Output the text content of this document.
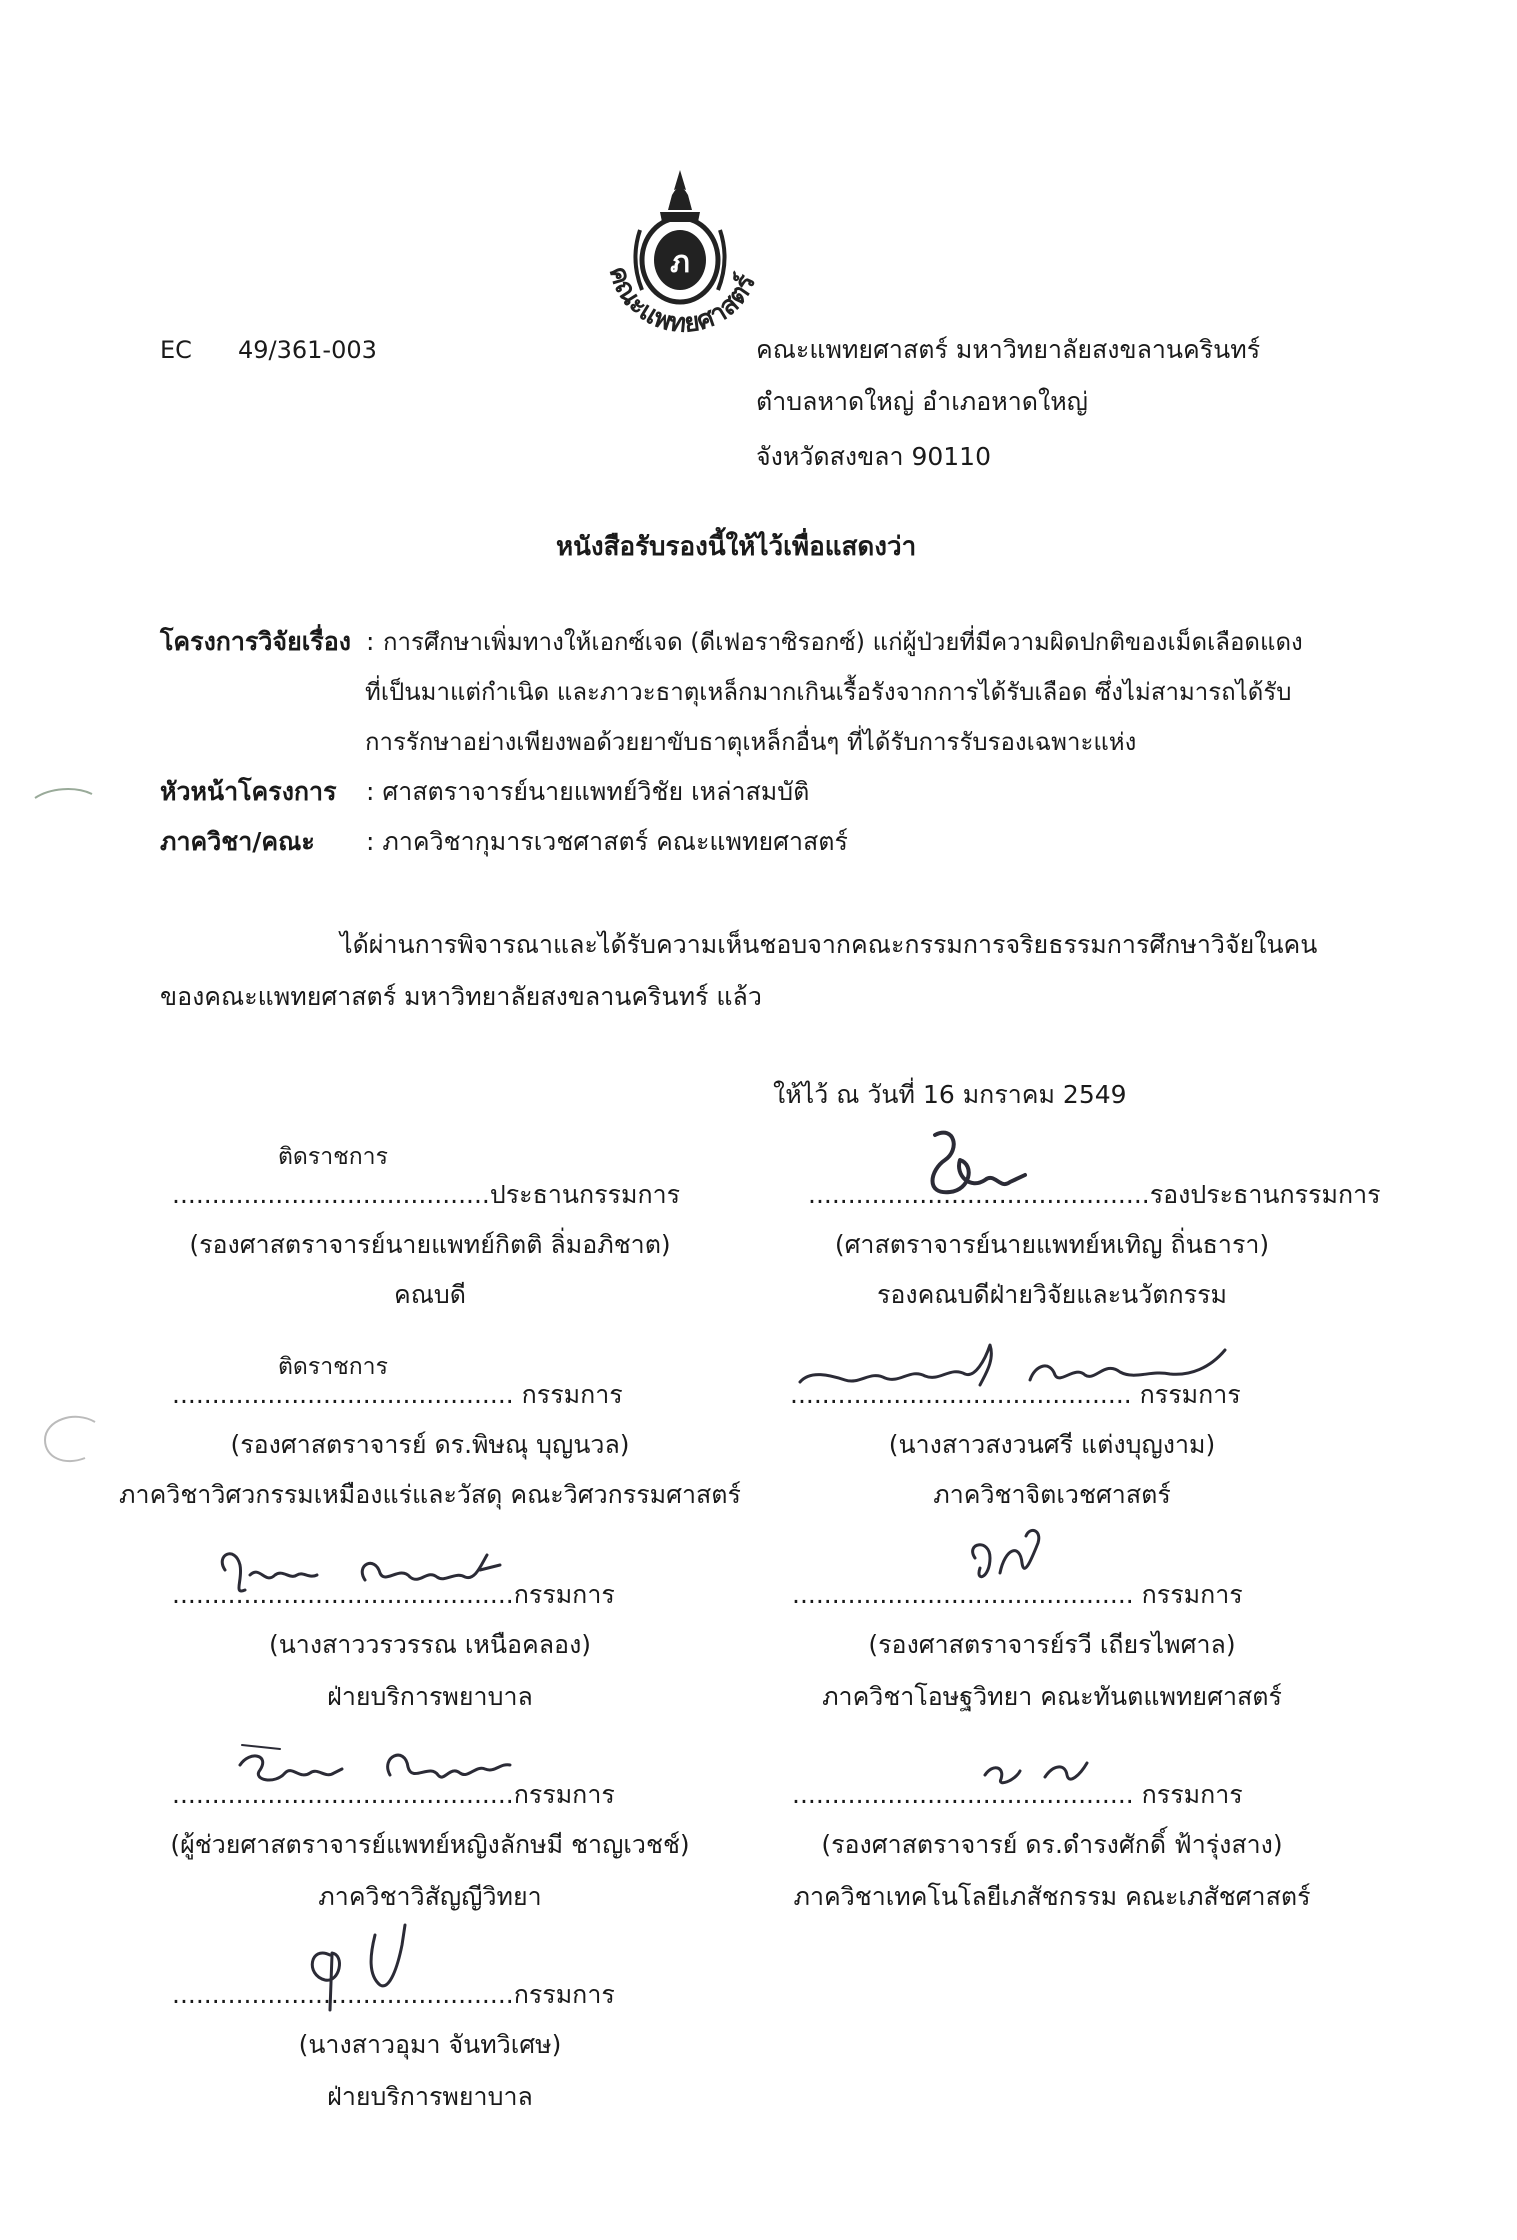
EC 49/361-003
ภ
คณะแพทยศาสตร์
คณะแพทยศาสตร์ มหาวิทยาลัยสงขลานครินทร์
ตำบลหาดใหญ่ อำเภอหาดใหญ่
จังหวัดสงขลา 90110
หนังสือรับรองนี้ให้ไว้เพื่อแสดงว่า
โครงการวิจัยเรื่อง : การศึกษาเพิ่มทางให้เอกซ์เจด (ดีเฟอราซิรอกซ์) แก่ผู้ป่วยที่มีความผิดปกติของเม็ดเลือดแดง
ที่เป็นมาแต่กำเนิด และภาวะธาตุเหล็กมากเกินเรื้อรังจากการได้รับเลือด ซึ่งไม่สามารถได้รับ
การรักษาอย่างเพียงพอด้วยยาขับธาตุเหล็กอื่นๆ ที่ได้รับการรับรองเฉพาะแห่ง
หัวหน้าโครงการ : ศาสตราจารย์นายแพทย์วิชัย เหล่าสมบัติ
ภาควิชา/คณะ : ภาควิชากุมารเวชศาสตร์ คณะแพทยศาสตร์
ได้ผ่านการพิจารณาและได้รับความเห็นชอบจากคณะกรรมการจริยธรรมการศึกษาวิจัยในคน
ของคณะแพทยศาสตร์ มหาวิทยาลัยสงขลานครินทร์ แล้ว
ให้ไว้ ณ วันที่ 16 มกราคม 2549
ติดราชการ
........................................ประธานกรรมการ
(รองศาสตราจารย์นายแพทย์กิตติ ลิ่มอภิชาต)
คณบดี
ติดราชการ
........................................... กรรมการ
(รองศาสตราจารย์ ดร.พิษณุ บุญนวล)
ภาควิชาวิศวกรรมเหมืองแร่และวัสดุ คณะวิศวกรรมศาสตร์
...........................................กรรมการ
(นางสาววรวรรณ เหนือคลอง)
ฝ่ายบริการพยาบาล
...........................................กรรมการ
(ผู้ช่วยศาสตราจารย์แพทย์หญิงลักษมี ชาญเวชช์)
ภาควิชาวิสัญญีวิทยา
...........................................กรรมการ
(นางสาวอุมา จันทวิเศษ)
ฝ่ายบริการพยาบาล
...........................................รองประธานกรรมการ
(ศาสตราจารย์นายแพทย์หเทิญ ถิ่นธารา)
รองคณบดีฝ่ายวิจัยและนวัตกรรม
........................................... กรรมการ
(นางสาวสงวนศรี แต่งบุญงาม)
ภาควิชาจิตเวชศาสตร์
........................................... กรรมการ
(รองศาสตราจารย์รวี เถียรไพศาล)
ภาควิชาโอษฐวิทยา คณะทันตแพทยศาสตร์
........................................... กรรมการ
(รองศาสตราจารย์ ดร.ดำรงศักดิ์ ฟ้ารุ่งสาง)
ภาควิชาเทคโนโลยีเภสัชกรรม คณะเภสัชศาสตร์
